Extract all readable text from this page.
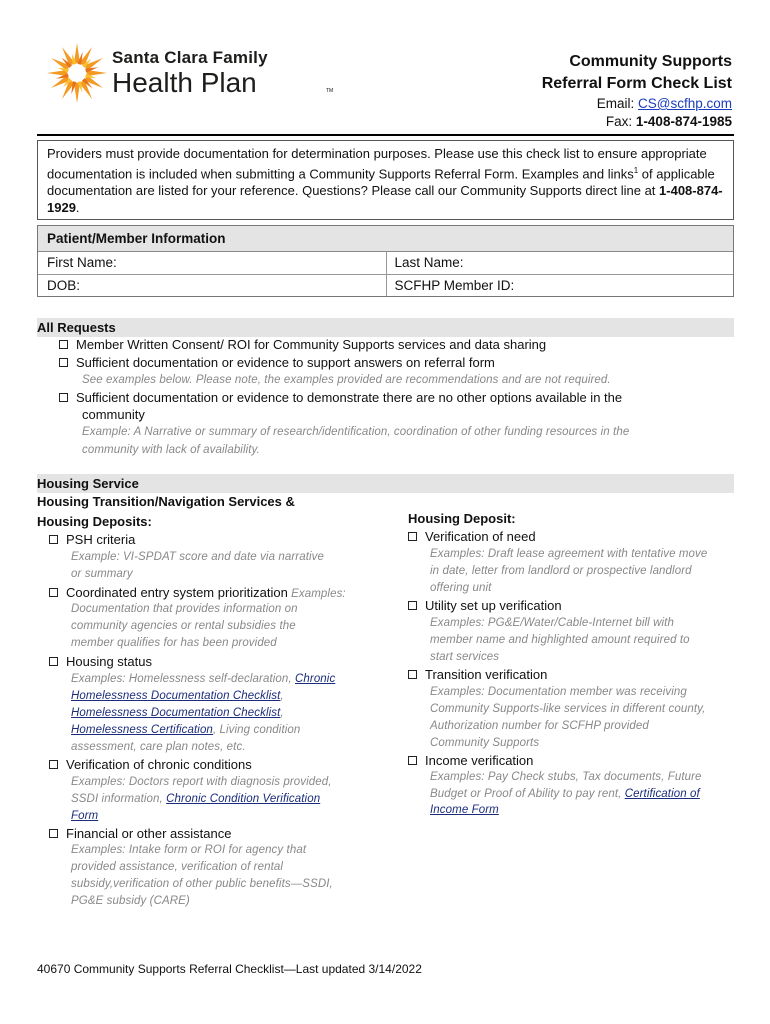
Santa Clara Family
Health Plan	TM
Community Supports
Referral Form Check List
Email: CS@scfhp.com
Fax: 1-408-874-1985
Providers must provide documentation for determination purposes. Please use this check list to ensure appropriate documentation is included when submitting a Community Supports Referral Form. Examples and links$^1$ of applicable documentation are listed for your reference. Questions? Please call our Community Supports direct line at 1-408-874-1929.
Patient/Member Information
First Name:	Last Name:
DOB:	SCFHP Member ID:
All Requests
Member Written Consent/ ROI for Community Supports services and data sharing
Sufficient documentation or evidence to support answers on referral form
See examples below. Please note, the examples provided are recommendations and are not required.
Sufficient documentation or evidence to demonstrate there are no other options available in the
community
Example: A Narrative or summary of research/identification, coordination of other funding resources in the
community with lack of availability.
Housing Service
Housing Transition/Navigation Services &
Housing Deposits:
PSH criteria
Example: VI-SPDAT score and date via narrative
or summary
Coordinated entry system prioritization Examples:
Documentation that provides information on
community agencies or rental subsidies the
member qualifies for has been provided
Housing status
Examples: Homelessness self-declaration, Chronic
Homelessness Documentation Checklist,
Homelessness Documentation Checklist,
Homelessness Certification, Living condition
assessment, care plan notes, etc.
Verification of chronic conditions
Examples: Doctors report with diagnosis provided,
SSDI information, Chronic Condition Verification
Form
Financial or other assistance
Examples: Intake form or ROI for agency that
provided assistance, verification of rental
subsidy,verification of other public benefits—SSDI,
PG&E subsidy (CARE)
Housing Deposit:
Verification of need
Examples: Draft lease agreement with tentative move
in date, letter from landlord or prospective landlord
offering unit
Utility set up verification
Examples: PG&E/Water/Cable-Internet bill with
member name and highlighted amount required to
start services
Transition verification
Examples: Documentation member was receiving
Community Supports-like services in different county,
Authorization number for SCFHP provided
Community Supports
Income verification
Examples: Pay Check stubs, Tax documents, Future
Budget or Proof of Ability to pay rent, Certification of
Income Form
40670 Community Supports Referral Checklist—Last updated 3/14/2022
